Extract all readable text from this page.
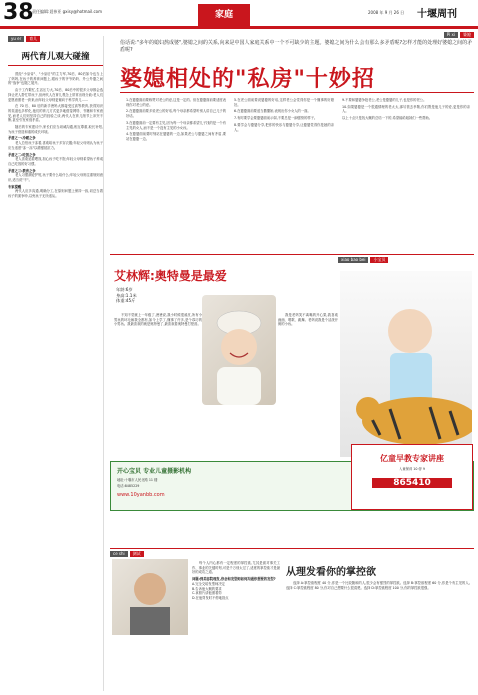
38
责任编辑:聂祎亚 gxisy@hotmail.com	家庭	2008 年 9 月 26 日 十堰周刊
yu er	育儿
两代育儿观大碰撞

曾经"小皇帝"、"小皇后"的主力军,70后、80后如今也当上了妈妈,在孩子的养育问题上,跟孩子的爷爷奶奶、外公外婆之间的"战争"也随之展开。

由于工作繁忙,生活压力大,70后、80后中的很多父母都会选择让老人帮忙带孩子,但两代人在育儿观念上常常出现分歧:老人们更愿意照老一套来,而年轻父母则更倾向于科学育儿……

在 70 后、80 后的新手爸妈大都接受过高等教育,获得知识的渠道也多样化,他们的育儿方式更多地借鉴网络、书籍和专家意见,而老人们则坚持自己的经验之谈,两代人在育儿细节上冲突不断,甚至引发家庭矛盾。

随后的专家建议中,家长们应当坦诚沟通,相互尊重,取长补短,为孩子营造和谐的成长环境。

矛盾之一:冷暖之争

老人总怕孩子冻着,喜欢给孩子多穿衣服;年轻父母则认为孩子应当适度"冻一冻"以增强抵抗力。

矛盾之二:吃饭之争

老人喜欢追着喂饭,担心孩子吃不饱;年轻父母则希望孩子养成自己吃饭的好习惯。

矛盾之三:教育之争

老人习惯溺爱护短,孩子要什么给什么;年轻父母则注重规则意识,适当说"不"。

专家提醒

两代人应多沟通,明确分工,在原则问题上保持一致,切忌当着孩子的面争吵,以免孩子无所适从。

Pi xi	婆媳
俗话说:"多年的媳妇熬成婆",婆媳之间的关系,向来是中国人家庭关系中一个不可缺少的主题。婆媳之间为什么会有那么多矛盾呢?怎样才能的处理好婆媳之间的矛盾呢?
婆媳相处的"私房"十妙招

1.在婆婆面前要称赞对老公的爱,这是一定的。但在婆婆面前要适度表现你对老公的爱。

2.在婆婆面前要多说老公的好话,每个母亲都希望听别人讲自己儿子的好话。

3.在婆婆面前一定要有主见,因为每一个母亲都希望儿子找的是一个有主见的女人,而不是一个没有主见的小女孩。

4.在婆婆面前要时刻站在婆婆的一边,如果老公与婆婆之间有矛盾,要站在婆婆一边。

5.在老公面前要说婆婆的好话,这样老公会觉得你是一个懂事的好媳妇。

6.在婆婆面前要适当撒撒娇,表现出你小女人的一面。

7.有时要学会要婆婆面前示弱,不要总是一副强势的样子。

8.要学会与婆婆分享,把你的快乐与婆婆分享,让婆婆觉得你是她的亲人。

9.不要和婆婆争抢老公,老公是婆婆的儿子,也是你的老公。

10.如果婆婆是一个很通情理的老太太,那尽管去孝敬,你们既是他儿子的爱,更是你的亲人。

以上十点只是找大概的总结一下的,希望能给姐妹们一些帮助。

xiao bao bei	小宝贝
艾林辉:奥特曼是最爱
年龄:6岁
身高:1.1米
体重:45斤

不知不觉就上一年级了,爸爸说,我小时候很顽皮,所有小男孩的坏毛病我全都有,如今上学了,懂事了许多,是个乖巧的小男孩。我最喜欢的就是奥特曼了,最喜欢看奥特曼打怪兽。

我是老妈笑不离嘴的开心果,我喜欢画画、唱歌、跳舞。老妈说我是个活泼开朗的小孩。

开心宝贝 专业儿童摄影机构
地址:十堰市人民北路 11 楼
电话:8485229
www.10yanbb.com
亿童早教专家讲座
入童保训 10 @ 9
865410
ce shi	测试

每个人内心都有一定程度的掌控欲,尤其是面对事关工作、事业的关键时刻,可是千万别太过了,适度的掌控欲才是最好的成功之道。

问题:到美容院理发,你会和发型师如何沟通你想要的发型?

A.完全交给发型师决定

B.告诉他大概的要求

C.拿照片请他照着剪

D.在他剪发时不停地指点

从理发看你的掌控欲

选择 A:掌控欲程度 40 分,你是一个比较随和的人,很少会有强烈的掌控欲。选择 B:掌控欲程度 60 分,你是个有主见的人。选择 C:掌控欲程度 80 分,你对自己想要什么很清楚。选择 D:掌控欲程度 100 分,你的掌控欲很强。
